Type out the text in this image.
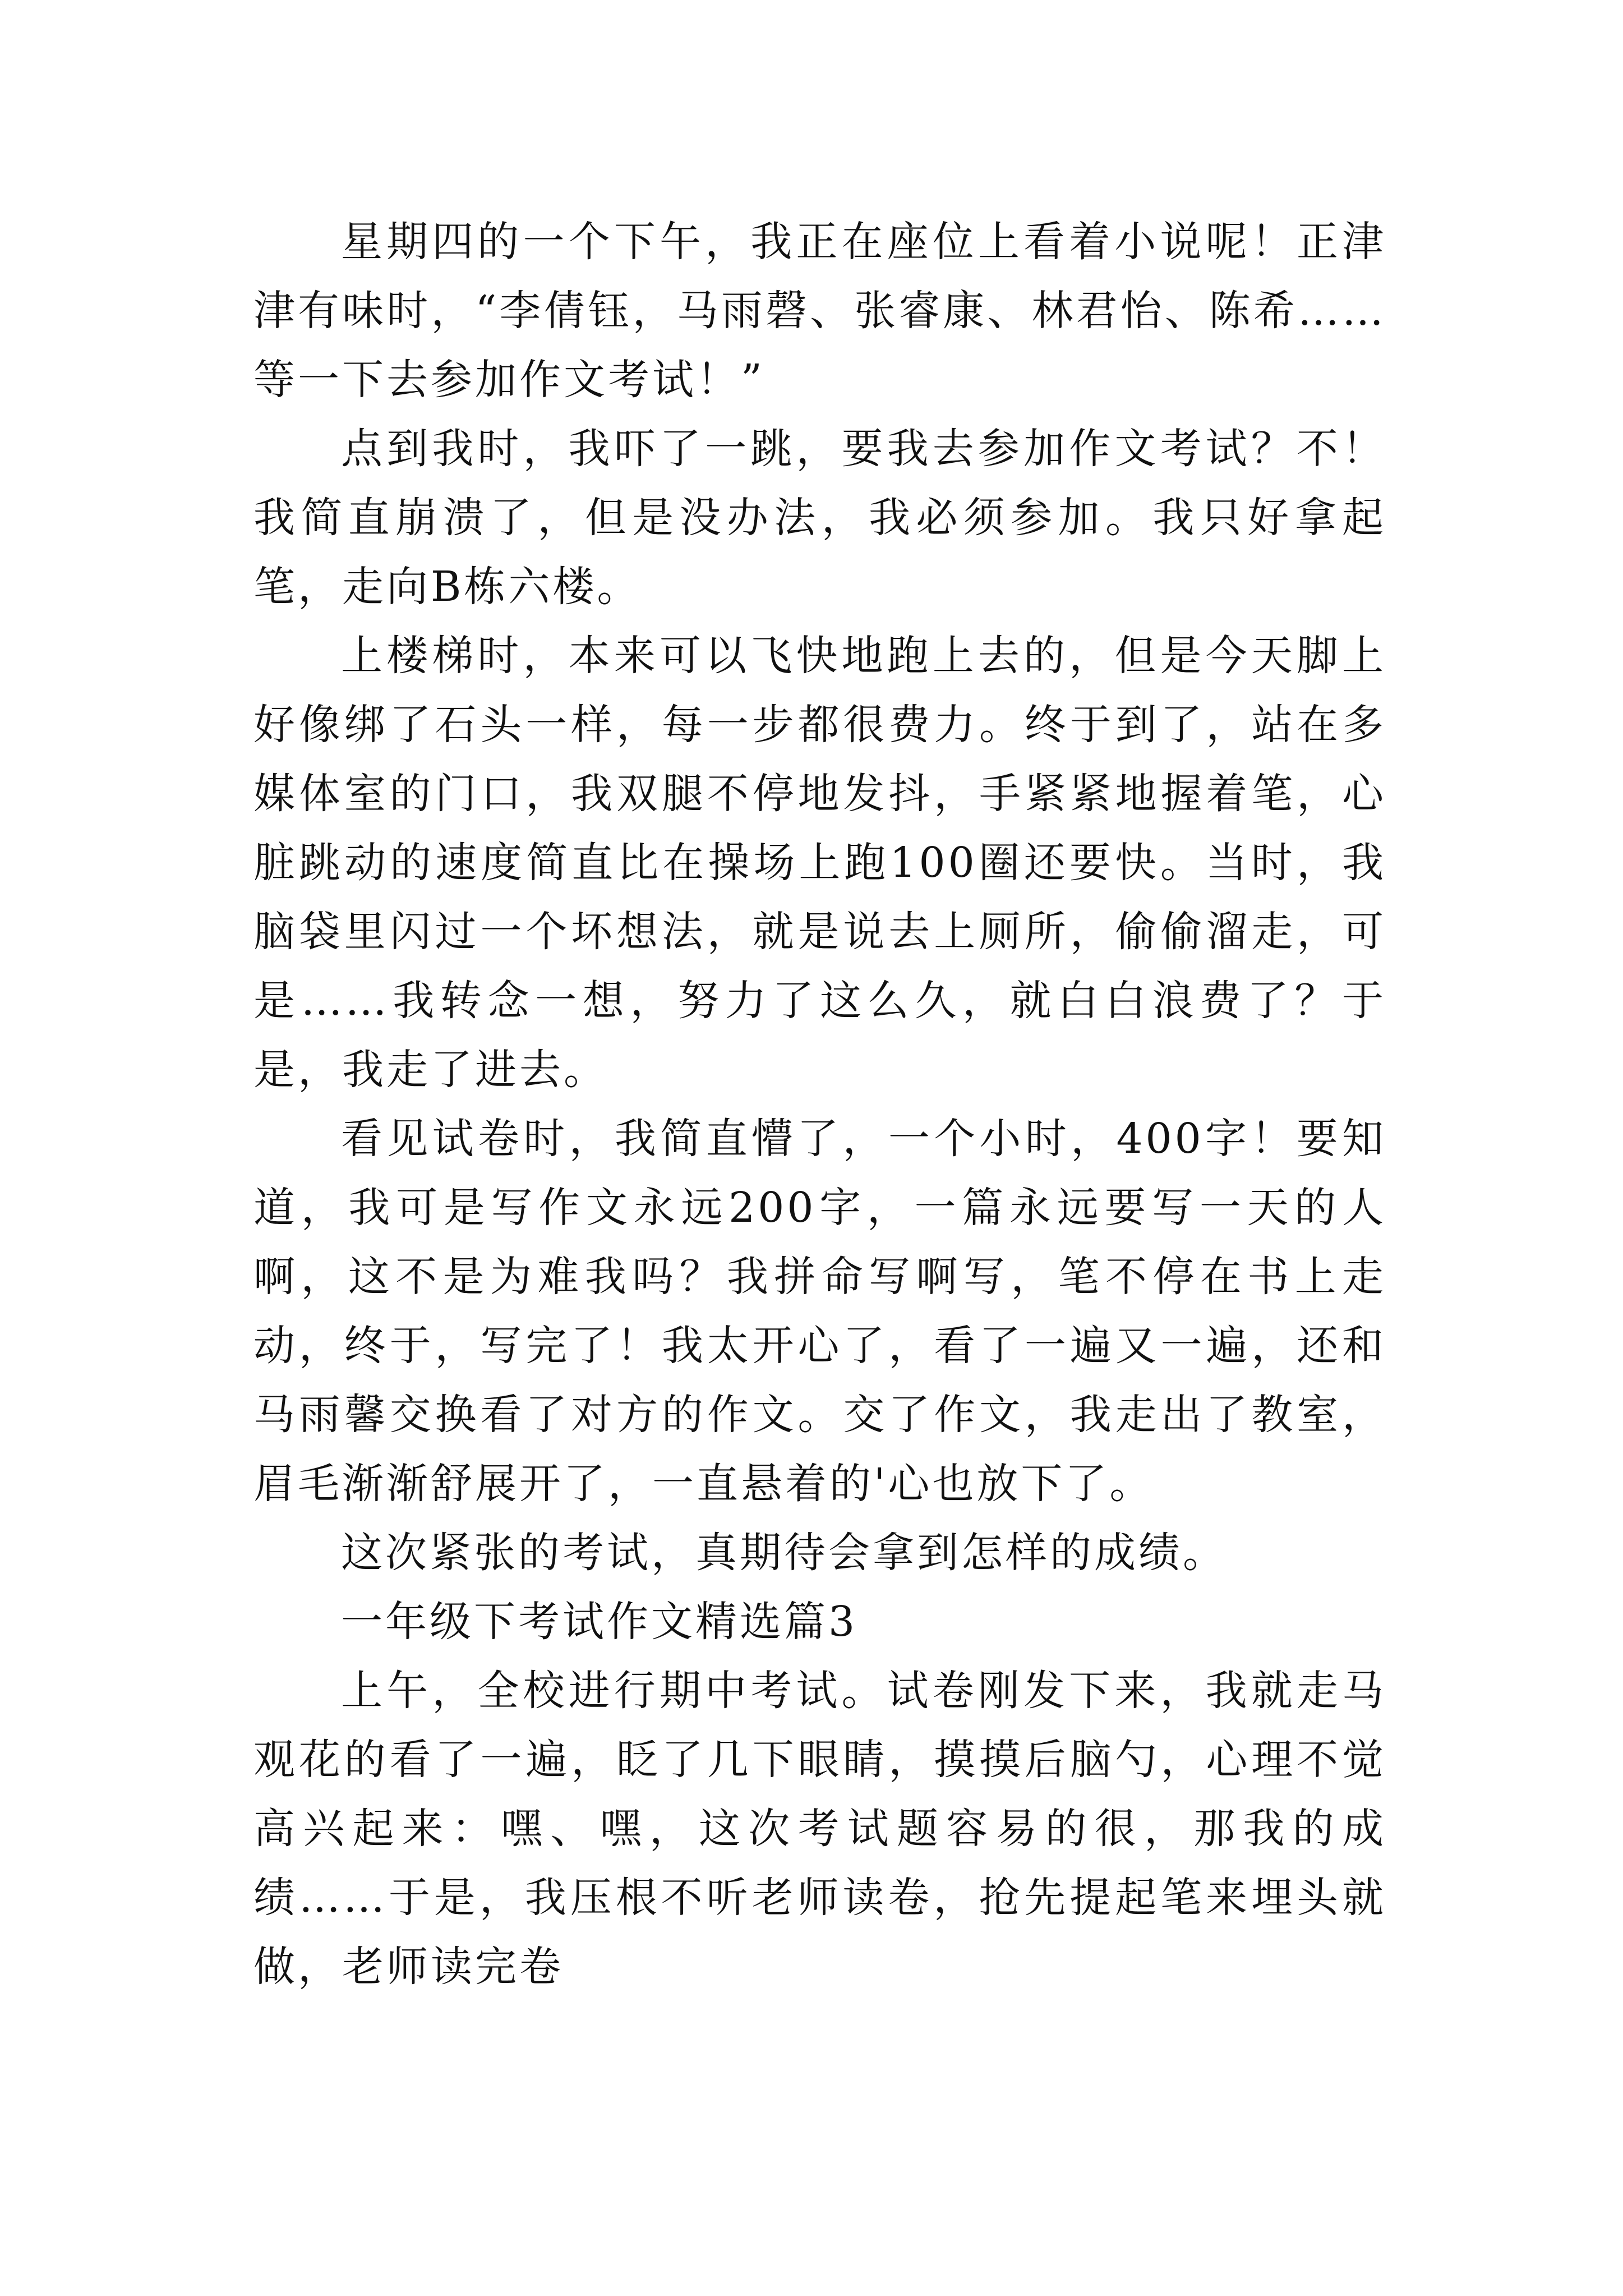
星期四的一个下午，我正在座位上看着小说呢！正津津有味时，“李倩钰，马雨磬、张睿康、林君怡、陈希……等一下去参加作文考试！”

点到我时，我吓了一跳，要我去参加作文考试？不！我简直崩溃了，但是没办法，我必须参加。我只好拿起笔，走向B栋六楼。

上楼梯时，本来可以飞快地跑上去的，但是今天脚上好像绑了石头一样，每一步都很费力。终于到了，站在多媒体室的门口，我双腿不停地发抖，手紧紧地握着笔，心脏跳动的速度简直比在操场上跑100圈还要快。当时，我脑袋里闪过一个坏想法，就是说去上厕所，偷偷溜走，可是……我转念一想，努力了这么久，就白白浪费了？于是，我走了进去。

看见试卷时，我简直懵了，一个小时，400字！要知道，我可是写作文永远200字，一篇永远要写一天的人啊，这不是为难我吗？我拼命写啊写，笔不停在书上走动，终于，写完了！我太开心了，看了一遍又一遍，还和马雨馨交换看了对方的作文。交了作文，我走出了教室，眉毛渐渐舒展开了，一直悬着的'心也放下了。

这次紧张的考试，真期待会拿到怎样的成绩。

一年级下考试作文精选篇3

上午，全校进行期中考试。试卷刚发下来，我就走马观花的看了一遍，眨了几下眼睛，摸摸后脑勺，心理不觉高兴起来：嘿、嘿，这次考试题容易的很，那我的成绩……于是，我压根不听老师读卷，抢先提起笔来埋头就做，老师读完卷
